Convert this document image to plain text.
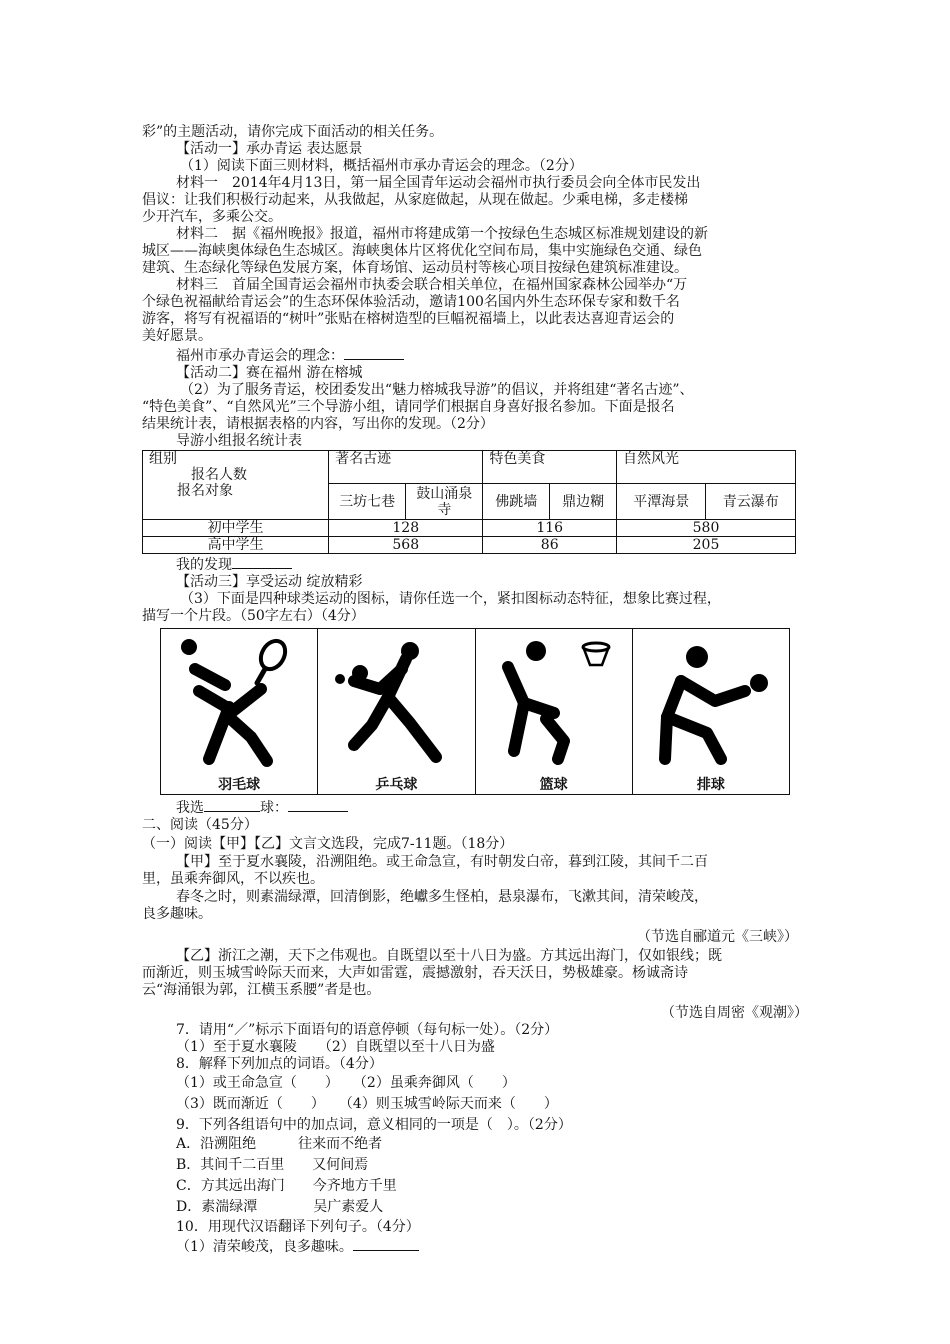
彩”的主题活动，请你完成下面活动的相关任务。

【活动一】承办青运 表达愿景

（1）阅读下面三则材料，概括福州市承办青运会的理念。（2分）

材料一　2014年4月13日，第一届全国青年运动会福州市执行委员会向全体市民发出

倡议：让我们积极行动起来，从我做起，从家庭做起，从现在做起。少乘电梯，多走楼梯

少开汽车，多乘公交。

材料二　据《福州晚报》报道，福州市将建成第一个按绿色生态城区标准规划建设的新

城区——海峡奥体绿色生态城区。海峡奥体片区将优化空间布局，集中实施绿色交通、绿色

建筑、生态绿化等绿色发展方案，体育场馆、运动员村等核心项目按绿色建筑标准建设。

材料三　首届全国青运会福州市执委会联合相关单位，在福州国家森林公园举办“万

个绿色祝福献给青运会”的生态环保体验活动，邀请100名国内外生态环保专家和数千名

游客，将写有祝福语的“树叶”张贴在榕树造型的巨幅祝福墙上，以此表达喜迎青运会的

美好愿景。

福州市承办青运会的理念：

【活动二】赛在福州 游在榕城

（2）为了服务青运，校团委发出“魅力榕城我导游”的倡议，并将组建“著名古迹”、

“特色美食”、“自然风光”三个导游小组，请同学们根据自身喜好报名参加。下面是报名

结果统计表，请根据表格的内容，写出你的发现。（2分）

导游小组报名统计表

组别
报名人数
报名对象	著名古迹		特色美食		自然风光	
	三坊七巷	鼓山涌泉寺	佛跳墙	鼎边糊	平潭海景	青云瀑布
初中学生	128		116		580	
高中学生	568		86		205	

我的发现

【活动三】享受运动 绽放精彩

（3）下面是四种球类运动的图标，请你任选一个，紧扣图标动态特征，想象比赛过程，

描写一个片段。（50字左右）（4分）

羽毛球	乒乓球	篮球	排球

我选	球：

二、阅读（45分）

（一）阅读【甲】【乙】文言文选段，完成7-11题。（18分）

【甲】至于夏水襄陵，沿溯阻绝。或王命急宣，有时朝发白帝，暮到江陵，其间千二百

里，虽乘奔御风，不以疾也。

春冬之时，则素湍绿潭，回清倒影，绝巘多生怪柏，悬泉瀑布，飞漱其间，清荣峻茂，

良多趣味。

（节选自郦道元《三峡》）

【乙】浙江之潮，天下之伟观也。自既望以至十八日为盛。方其远出海门，仅如银线；既

而渐近，则玉城雪岭际天而来，大声如雷霆，震撼激射，吞天沃日，势极雄豪。杨诚斋诗

云“海涌银为郭，江横玉系腰”者是也。

（节选自周密《观潮》）

7．请用“／”标示下面语句的语意停顿（每句标一处）。（2分）

（1）至于夏水襄陵　　（2）自既望以至十八日为盛

8．解释下列加点的词语。（4分）

（1）或王命急宣（　　）　　（2）虽乘奔御风（　　）

（3）既而渐近（　　）　　（4）则玉城雪岭际天而来（　　）

9．下列各组语句中的加点词，意义相同的一项是（　）。（2分）

A．沿溯阻绝　　　往来而不绝者

B．其间千二百里　　又何间焉

C．方其远出海门　　今齐地方千里

D．素湍绿潭　　　　吴广素爱人

10．用现代汉语翻译下列句子。（4分）

（1）清荣峻茂，良多趣味。
